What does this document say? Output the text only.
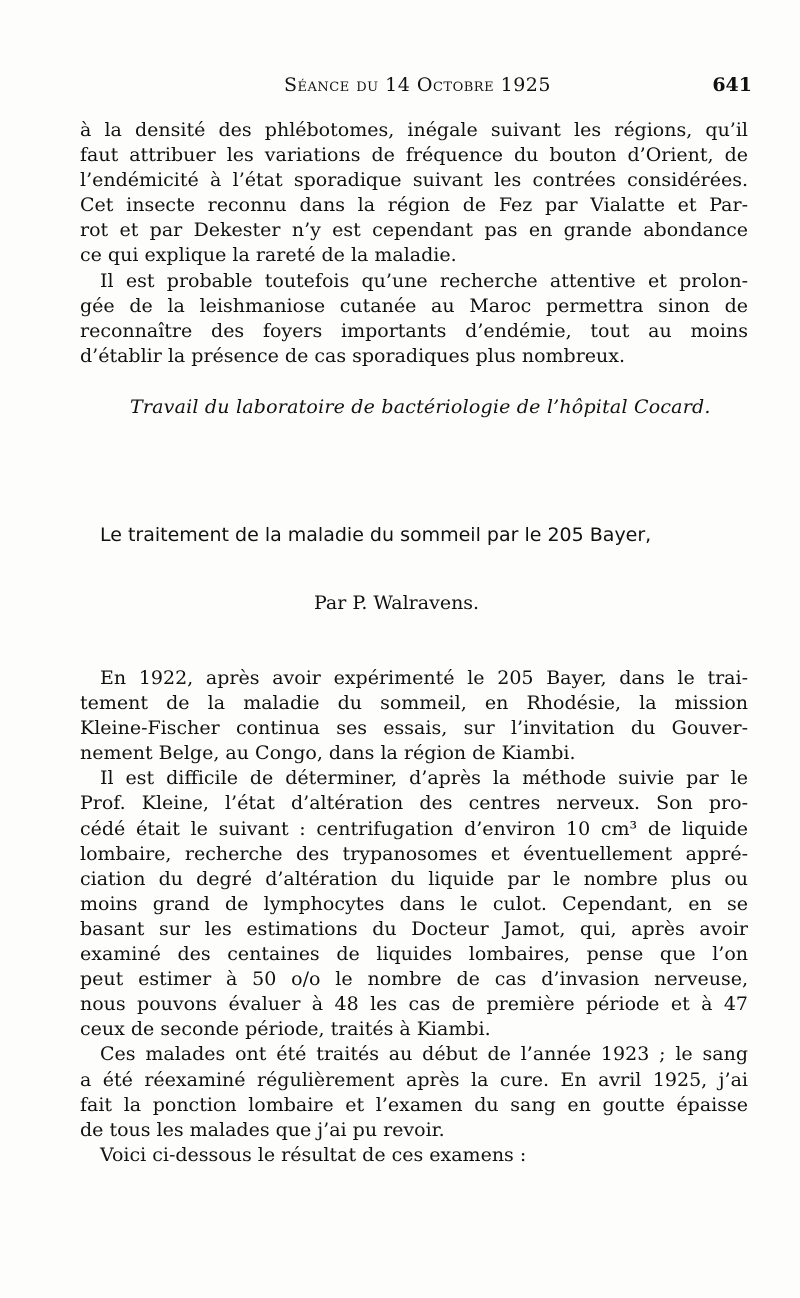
Séance du 14 Octobre 1925	641
à la densité des phlébotomes, inégale suivant les régions, qu’il
faut attribuer les variations de fréquence du bouton d’Orient, de
l’endémicité à l’état sporadique suivant les contrées considérées.
Cet insecte reconnu dans la région de Fez par Vialatte et Par-
rot et par Dekester n’y est cependant pas en grande abondance
ce qui explique la rareté de la maladie.
Il est probable toutefois qu’une recherche attentive et prolon-
gée de la leishmaniose cutanée au Maroc permettra sinon de
reconnaître des foyers importants d’endémie, tout au moins
d’établir la présence de cas sporadiques plus nombreux.
Travail du laboratoire de bactériologie de l’hôpital Cocard.
Le traitement de la maladie du sommeil par le 205 Bayer,
Par P. Walravens.
En 1922, après avoir expérimenté le 205 Bayer, dans le trai-
tement de la maladie du sommeil, en Rhodésie, la mission
Kleine-Fischer continua ses essais, sur l’invitation du Gouver-
nement Belge, au Congo, dans la région de Kiambi.
Il est difficile de déterminer, d’après la méthode suivie par le
Prof. Kleine, l’état d’altération des centres nerveux. Son pro-
cédé était le suivant : centrifugation d’environ 10 cm³ de liquide
lombaire, recherche des trypanosomes et éventuellement appré-
ciation du degré d’altération du liquide par le nombre plus ou
moins grand de lymphocytes dans le culot. Cependant, en se
basant sur les estimations du Docteur Jamot, qui, après avoir
examiné des centaines de liquides lombaires, pense que l’on
peut estimer à 50 o/o le nombre de cas d’invasion nerveuse,
nous pouvons évaluer à 48 les cas de première période et à 47
ceux de seconde période, traités à Kiambi.
Ces malades ont été traités au début de l’année 1923 ; le sang
a été réexaminé régulièrement après la cure. En avril 1925, j’ai
fait la ponction lombaire et l’examen du sang en goutte épaisse
de tous les malades que j’ai pu revoir.
Voici ci-dessous le résultat de ces examens :
